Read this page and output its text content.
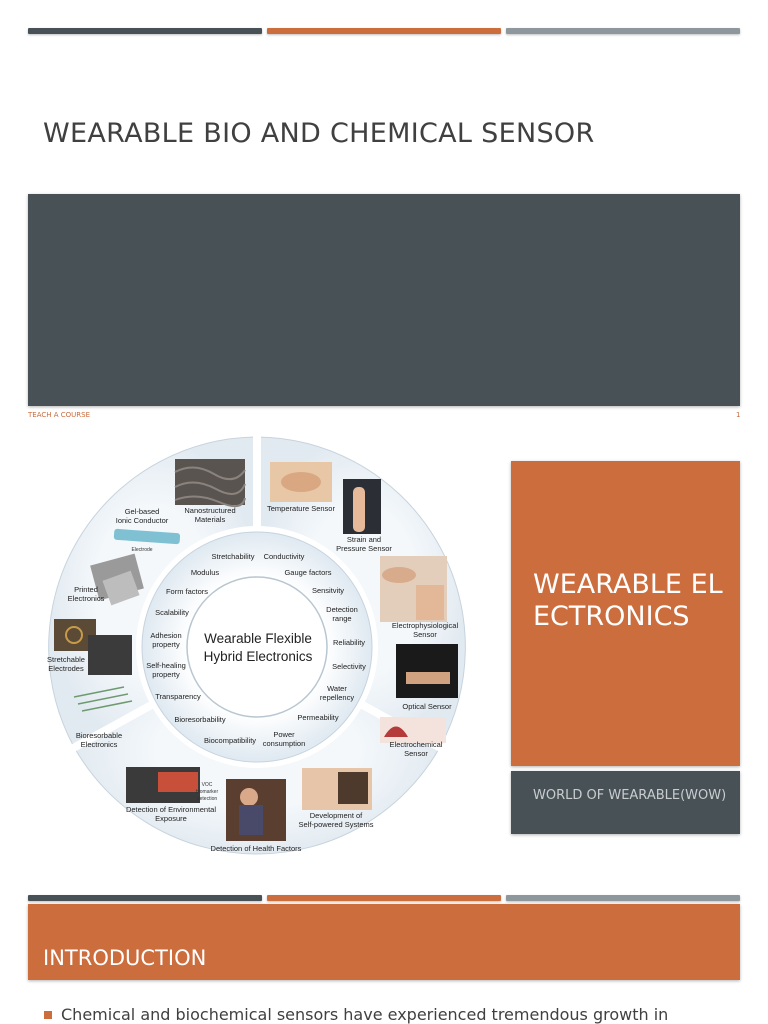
WEARABLE BIO AND CHEMICAL SENSOR
TEACH A COURSE	1
Wearable Flexible
Hybrid Electronics
Stretchability Conductivity
Modulus	Gauge factors
Form factors	Sensitvity
Detection
range
Scalability
Reliability
Adhesion
property
Selectivity
Self-healing
property
Water
repellency
Transparency
Permeability
Bioresorbability
Power
consumption
Biocompatibility
Gel-based
Ionic Conductor
Nanostructured
Materials
Temperature Sensor
Strain and
Pressure Sensor
Printed
Electronics
Electrophysiological
Sensor
Stretchable
Electrodes
Optical Sensor
Bioresorbable
Electronics	Electrochemical
Sensor
Detection of Environmental
Exposure	Development of
Self-powered Systems
Detection of Health Factors
Electrode
VOC
biomarker
detection
WEARABLE ELECTRONICS
WORLD OF WEARABLE(WOW)
INTRODUCTION
Chemical and biochemical sensors have experienced tremendous growth in
